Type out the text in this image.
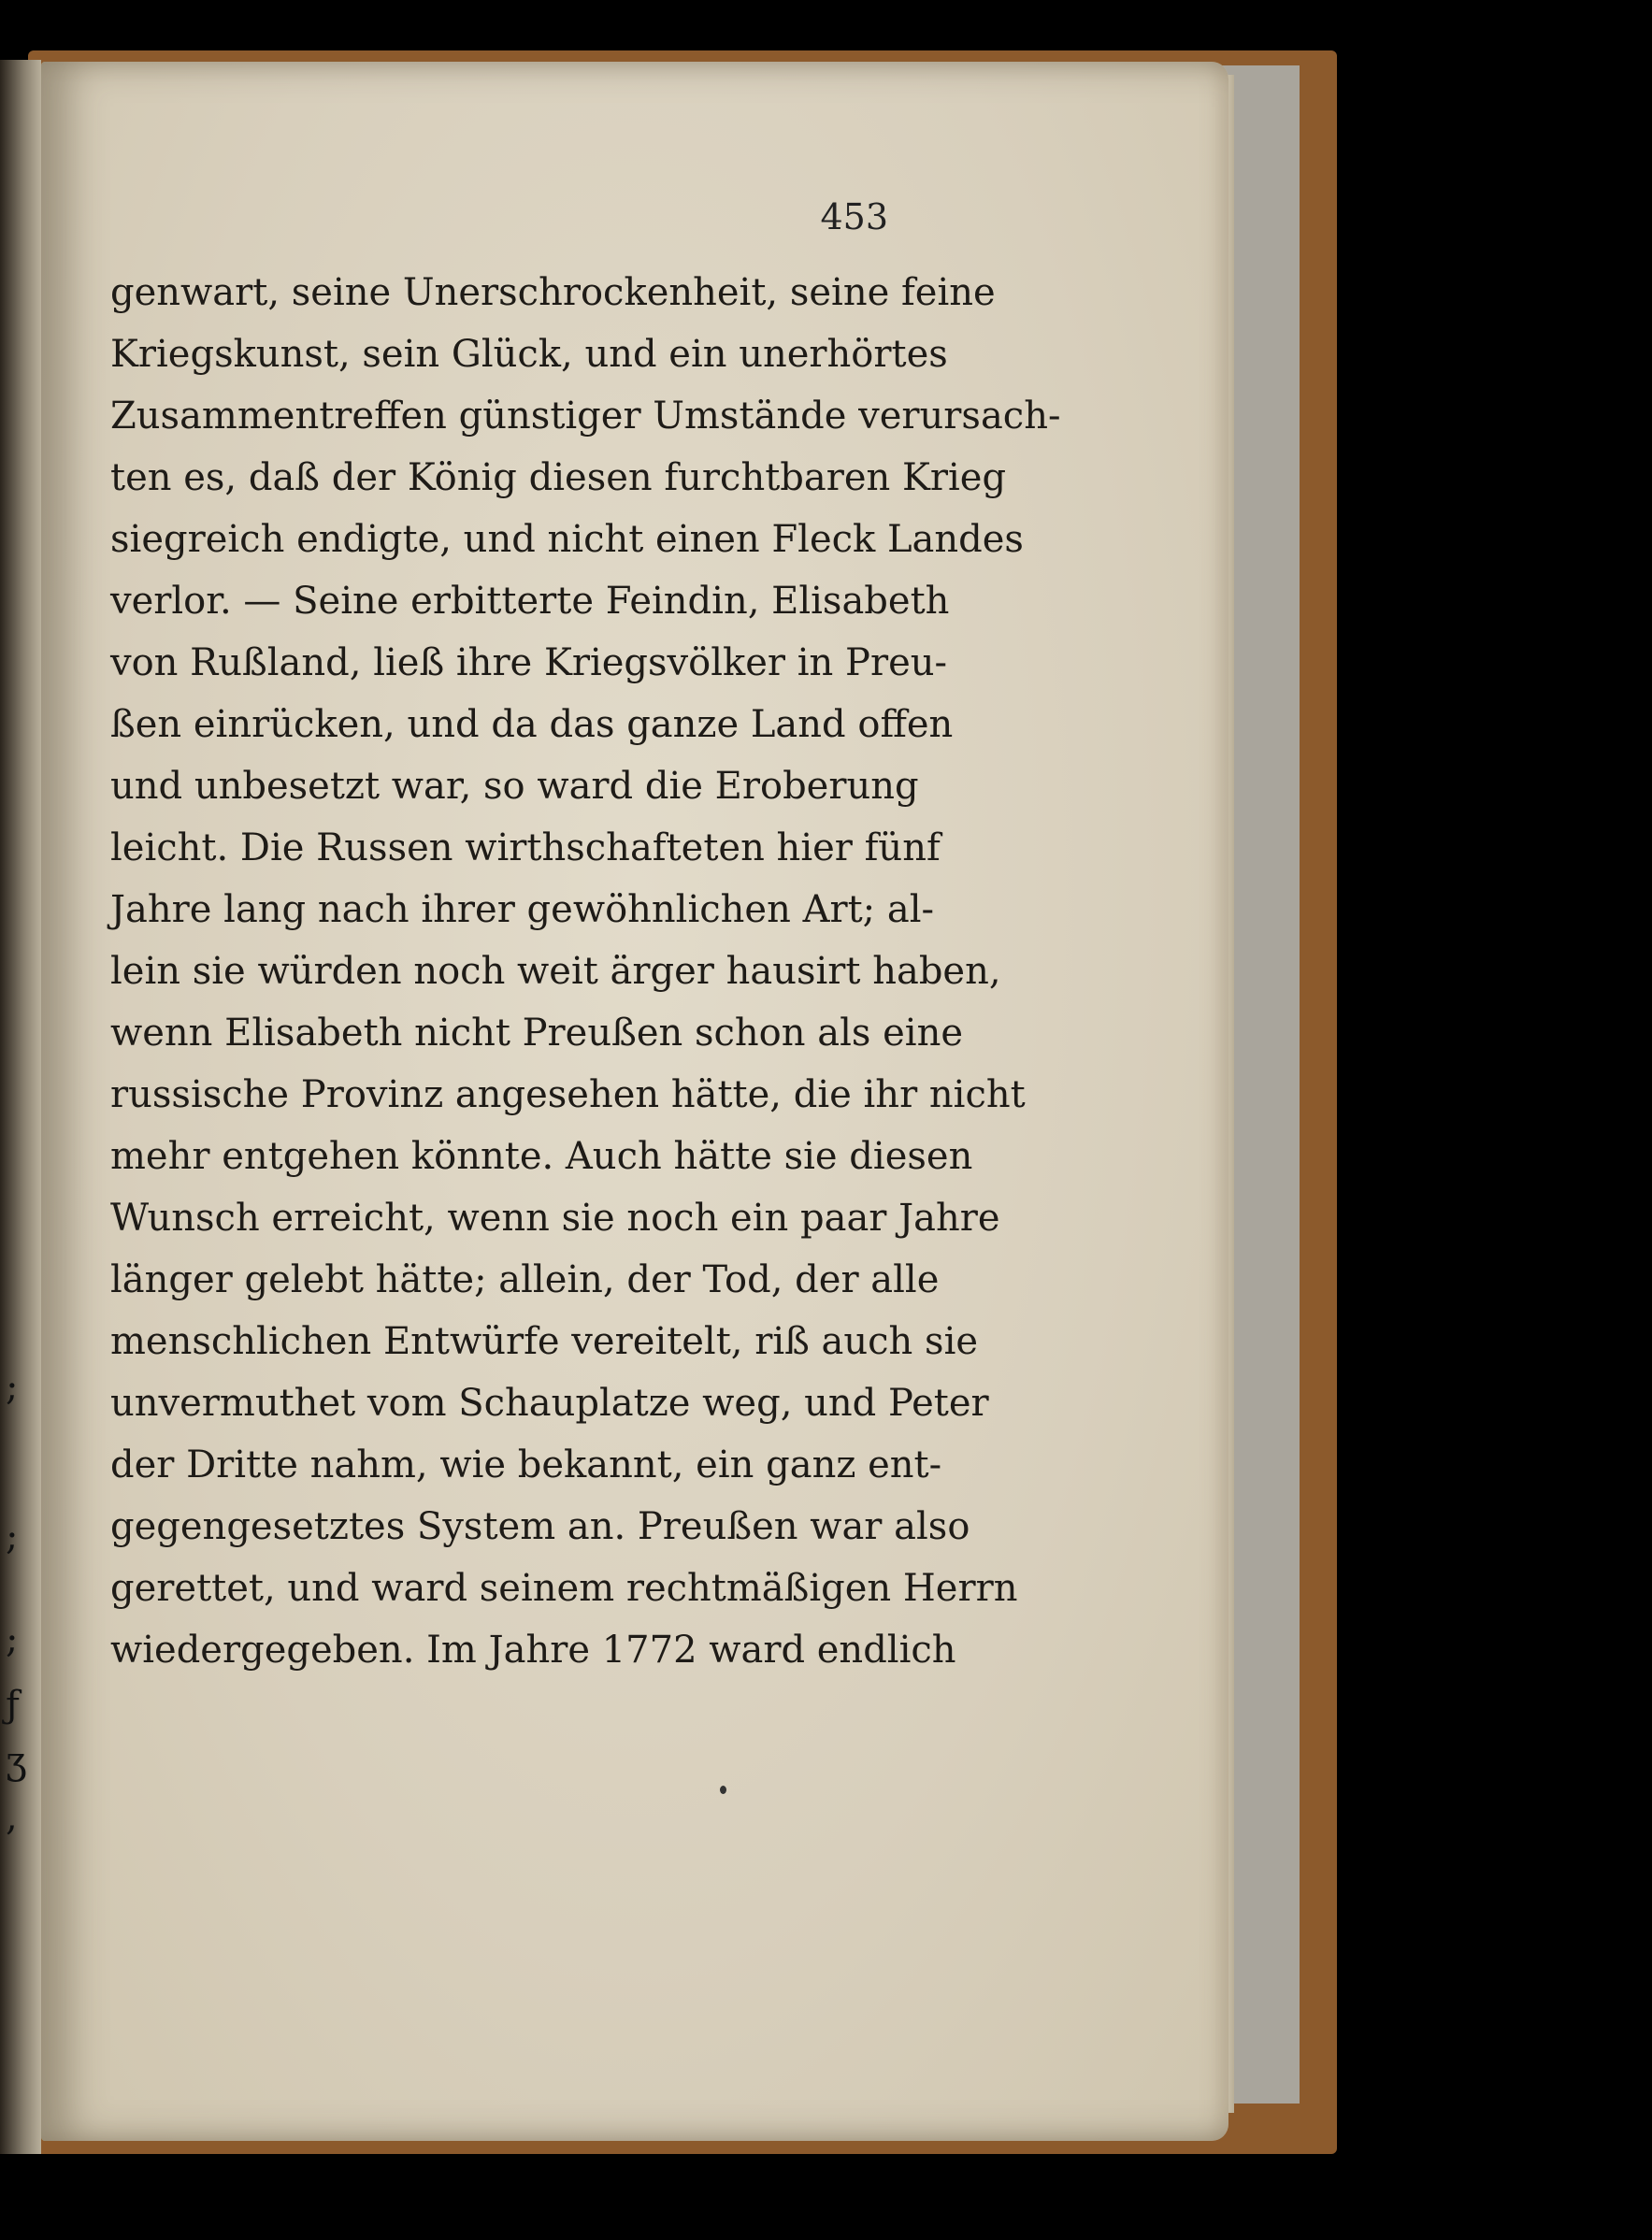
;
;
;
ƒ
ʒ
,
453
genwart, seine Unerschrockenheit, seine feine
Kriegskunst, sein Glück, und ein unerhörtes
Zusammentreffen günstiger Umstände verursach-
ten es, daß der König diesen furchtbaren Krieg
siegreich endigte, und nicht einen Fleck Landes
verlor. — Seine erbitterte Feindin, Elisabeth
von Rußland, ließ ihre Kriegsvölker in Preu-
ßen einrücken, und da das ganze Land offen
und unbesetzt war, so ward die Eroberung
leicht. Die Russen wirthschafteten hier fünf
Jahre lang nach ihrer gewöhnlichen Art; al-
lein sie würden noch weit ärger hausirt haben,
wenn Elisabeth nicht Preußen schon als eine
russische Provinz angesehen hätte, die ihr nicht
mehr entgehen könnte. Auch hätte sie diesen
Wunsch erreicht, wenn sie noch ein paar Jahre
länger gelebt hätte; allein, der Tod, der alle
menschlichen Entwürfe vereitelt, riß auch sie
unvermuthet vom Schauplatze weg, und Peter
der Dritte nahm, wie bekannt, ein ganz ent-
gegengesetztes System an. Preußen war also
gerettet, und ward seinem rechtmäßigen Herrn
wiedergegeben. Im Jahre 1772 ward endlich
